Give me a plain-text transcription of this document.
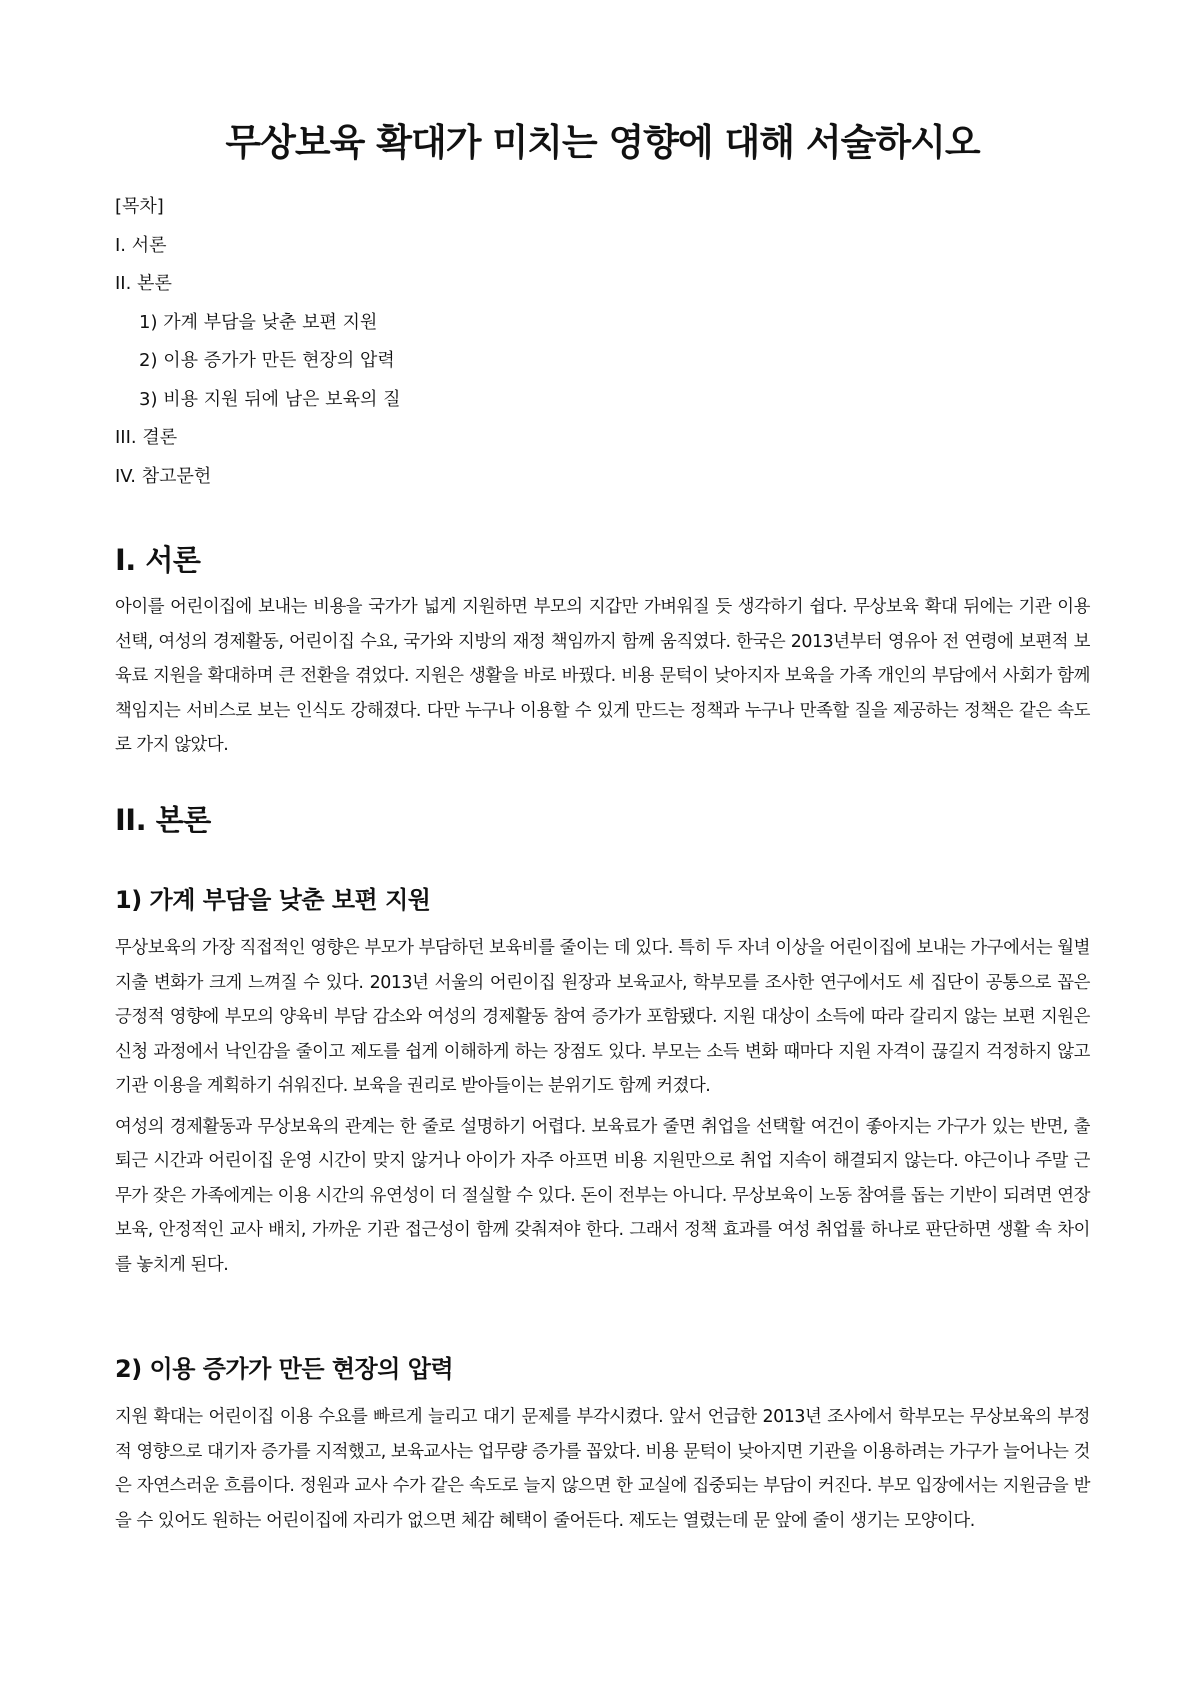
무상보육 확대가 미치는 영향에 대해 서술하시오
[목차]
I. 서론
II. 본론
1) 가계 부담을 낮춘 보편 지원
2) 이용 증가가 만든 현장의 압력
3) 비용 지원 뒤에 남은 보육의 질
III. 결론
IV. 참고문헌
I. 서론

아이를 어린이집에 보내는 비용을 국가가 넓게 지원하면 부모의 지갑만 가벼워질 듯 생각하기 쉽다. 무상보육 확대 뒤에는 기관 이용 선택, 여성의 경제활동, 어린이집 수요, 국가와 지방의 재정 책임까지 함께 움직였다. 한국은 2013년부터 영유아 전 연령에 보편적 보육료 지원을 확대하며 큰 전환을 겪었다. 지원은 생활을 바로 바꿨다. 비용 문턱이 낮아지자 보육을 가족 개인의 부담에서 사회가 함께 책임지는 서비스로 보는 인식도 강해졌다. 다만 누구나 이용할 수 있게 만드는 정책과 누구나 만족할 질을 제공하는 정책은 같은 속도로 가지 않았다.

II. 본론
1) 가계 부담을 낮춘 보편 지원

무상보육의 가장 직접적인 영향은 부모가 부담하던 보육비를 줄이는 데 있다. 특히 두 자녀 이상을 어린이집에 보내는 가구에서는 월별 지출 변화가 크게 느껴질 수 있다. 2013년 서울의 어린이집 원장과 보육교사, 학부모를 조사한 연구에서도 세 집단이 공통으로 꼽은 긍정적 영향에 부모의 양육비 부담 감소와 여성의 경제활동 참여 증가가 포함됐다. 지원 대상이 소득에 따라 갈리지 않는 보편 지원은 신청 과정에서 낙인감을 줄이고 제도를 쉽게 이해하게 하는 장점도 있다. 부모는 소득 변화 때마다 지원 자격이 끊길지 걱정하지 않고 기관 이용을 계획하기 쉬워진다. 보육을 권리로 받아들이는 분위기도 함께 커졌다.

여성의 경제활동과 무상보육의 관계는 한 줄로 설명하기 어렵다. 보육료가 줄면 취업을 선택할 여건이 좋아지는 가구가 있는 반면, 출퇴근 시간과 어린이집 운영 시간이 맞지 않거나 아이가 자주 아프면 비용 지원만으로 취업 지속이 해결되지 않는다. 야근이나 주말 근무가 잦은 가족에게는 이용 시간의 유연성이 더 절실할 수 있다. 돈이 전부는 아니다. 무상보육이 노동 참여를 돕는 기반이 되려면 연장보육, 안정적인 교사 배치, 가까운 기관 접근성이 함께 갖춰져야 한다. 그래서 정책 효과를 여성 취업률 하나로 판단하면 생활 속 차이를 놓치게 된다.

2) 이용 증가가 만든 현장의 압력

지원 확대는 어린이집 이용 수요를 빠르게 늘리고 대기 문제를 부각시켰다. 앞서 언급한 2013년 조사에서 학부모는 무상보육의 부정적 영향으로 대기자 증가를 지적했고, 보육교사는 업무량 증가를 꼽았다. 비용 문턱이 낮아지면 기관을 이용하려는 가구가 늘어나는 것은 자연스러운 흐름이다. 정원과 교사 수가 같은 속도로 늘지 않으면 한 교실에 집중되는 부담이 커진다. 부모 입장에서는 지원금을 받을 수 있어도 원하는 어린이집에 자리가 없으면 체감 혜택이 줄어든다. 제도는 열렸는데 문 앞에 줄이 생기는 모양이다.
